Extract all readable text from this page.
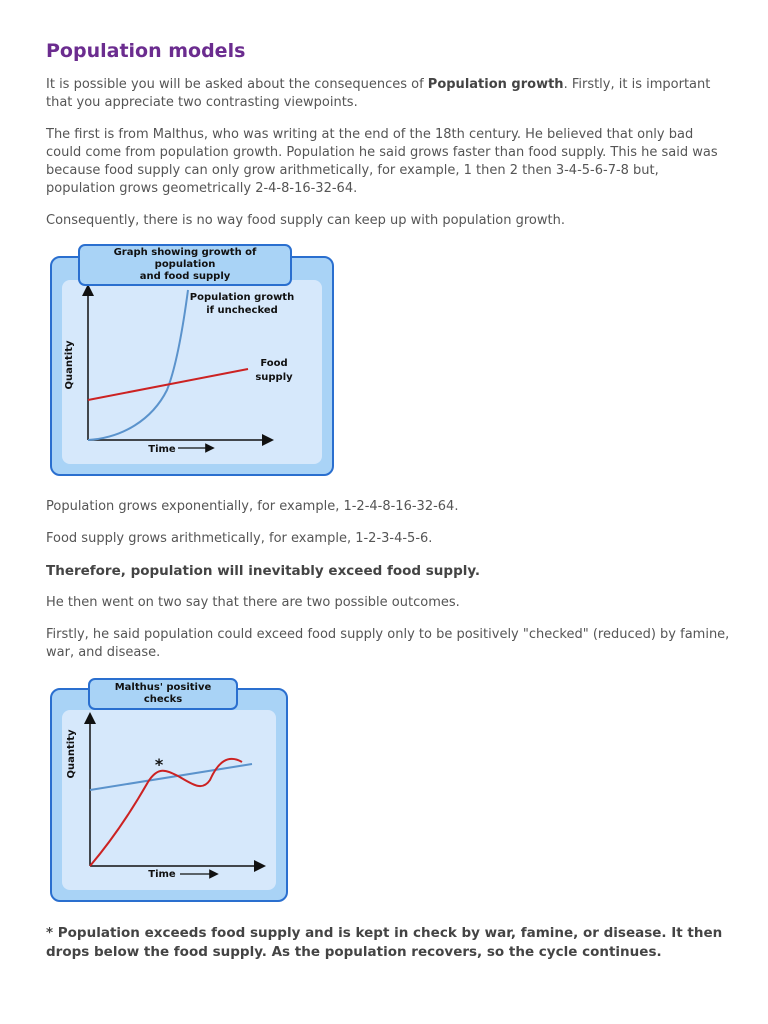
Population models

It is possible you will be asked about the consequences of Population growth. Firstly, it is important that you appreciate two contrasting viewpoints.

The first is from Malthus, who was writing at the end of the 18th century. He believed that only bad could come from population growth. Population he said grows faster than food supply. This he said was because food supply can only grow arithmetically, for example, 1 then 2 then 3-4-5-6-7-8 but, population grows geometrically 2-4-8-16-32-64.

Consequently, there is no way food supply can keep up with population growth.

Quantity
Time
Population growth
if unchecked
Food
supply
Graph showing growth of population
and food supply

Population grows exponentially, for example, 1-2-4-8-16-32-64.

Food supply grows arithmetically, for example, 1-2-3-4-5-6.

Therefore, population will inevitably exceed food supply.

He then went on two say that there are two possible outcomes.

Firstly, he said population could exceed food supply only to be positively "checked" (reduced) by famine, war, and disease.

*
Quantity
Time
Malthus' positive checks

* Population exceeds food supply and is kept in check by war, famine, or disease. It then drops below the food supply. As the population recovers, so the cycle continues.
